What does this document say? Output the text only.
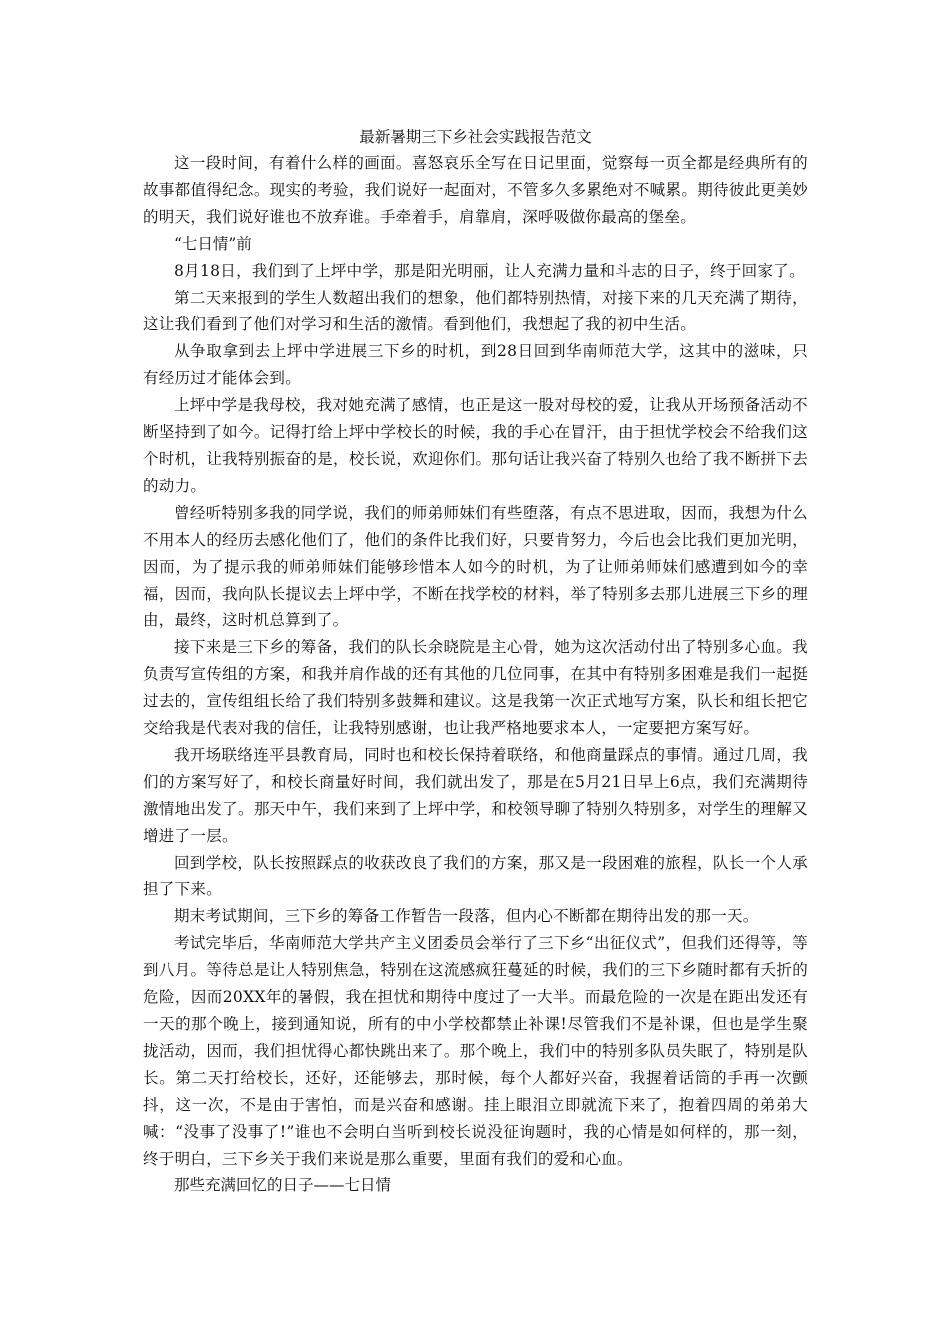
最新暑期三下乡社会实践报告范文

这一段时间，有着什么样的画面。喜怒哀乐全写在日记里面，觉察每一页全都是经典所有的故事都值得纪念。现实的考验，我们说好一起面对，不管多久多累绝对不喊累。期待彼此更美妙的明天，我们说好谁也不放弃谁。手牵着手，肩靠肩，深呼吸做你最高的堡垒。

“七日情”前

8月18日，我们到了上坪中学，那是阳光明丽，让人充满力量和斗志的日子，终于回家了。

第二天来报到的学生人数超出我们的想象，他们都特别热情，对接下来的几天充满了期待，这让我们看到了他们对学习和生活的激情。看到他们，我想起了我的初中生活。

从争取拿到去上坪中学进展三下乡的时机，到28日回到华南师范大学，这其中的滋味，只有经历过才能体会到。

上坪中学是我母校，我对她充满了感情，也正是这一股对母校的爱，让我从开场预备活动不断坚持到了如今。记得打给上坪中学校长的时候，我的手心在冒汗，由于担忧学校会不给我们这个时机，让我特别振奋的是，校长说，欢迎你们。那句话让我兴奋了特别久也给了我不断拼下去的动力。

曾经听特别多我的同学说，我们的师弟师妹们有些堕落，有点不思进取，因而，我想为什么不用本人的经历去感化他们了，他们的条件比我们好，只要肯努力，今后也会比我们更加光明，因而，为了提示我的师弟师妹们能够珍惜本人如今的时机，为了让师弟师妹们感遭到如今的幸福，因而，我向队长提议去上坪中学，不断在找学校的材料，举了特别多去那儿进展三下乡的理由，最终，这时机总算到了。

接下来是三下乡的筹备，我们的队长余晓院是主心骨，她为这次活动付出了特别多心血。我负责写宣传组的方案，和我并肩作战的还有其他的几位同事，在其中有特别多困难是我们一起挺过去的，宣传组组长给了我们特别多鼓舞和建议。这是我第一次正式地写方案，队长和组长把它交给我是代表对我的信任，让我特别感谢，也让我严格地要求本人，一定要把方案写好。

我开场联络连平县教育局，同时也和校长保持着联络，和他商量踩点的事情。通过几周，我们的方案写好了，和校长商量好时间，我们就出发了，那是在5月21日早上6点，我们充满期待激情地出发了。那天中午，我们来到了上坪中学，和校领导聊了特别久特别多，对学生的理解又增进了一层。

回到学校，队长按照踩点的收获改良了我们的方案，那又是一段困难的旅程，队长一个人承担了下来。

期末考试期间，三下乡的筹备工作暂告一段落，但内心不断都在期待出发的那一天。

考试完毕后，华南师范大学共产主义团委员会举行了三下乡“出征仪式”，但我们还得等，等到八月。等待总是让人特别焦急，特别在这流感疯狂蔓延的时候，我们的三下乡随时都有夭折的危险，因而20XX年的暑假，我在担忧和期待中度过了一大半。而最危险的一次是在距出发还有一天的那个晚上，接到通知说，所有的中小学校都禁止补课!尽管我们不是补课，但也是学生聚拢活动，因而，我们担忧得心都快跳出来了。那个晚上，我们中的特别多队员失眠了，特别是队长。第二天打给校长，还好，还能够去，那时候，每个人都好兴奋，我握着话筒的手再一次颤抖，这一次，不是由于害怕，而是兴奋和感谢。挂上眼泪立即就流下来了，抱着四周的弟弟大喊：“没事了没事了!”谁也不会明白当听到校长说没征询题时，我的心情是如何样的，那一刻，终于明白，三下乡关于我们来说是那么重要，里面有我们的爱和心血。

那些充满回忆的日子——七日情
